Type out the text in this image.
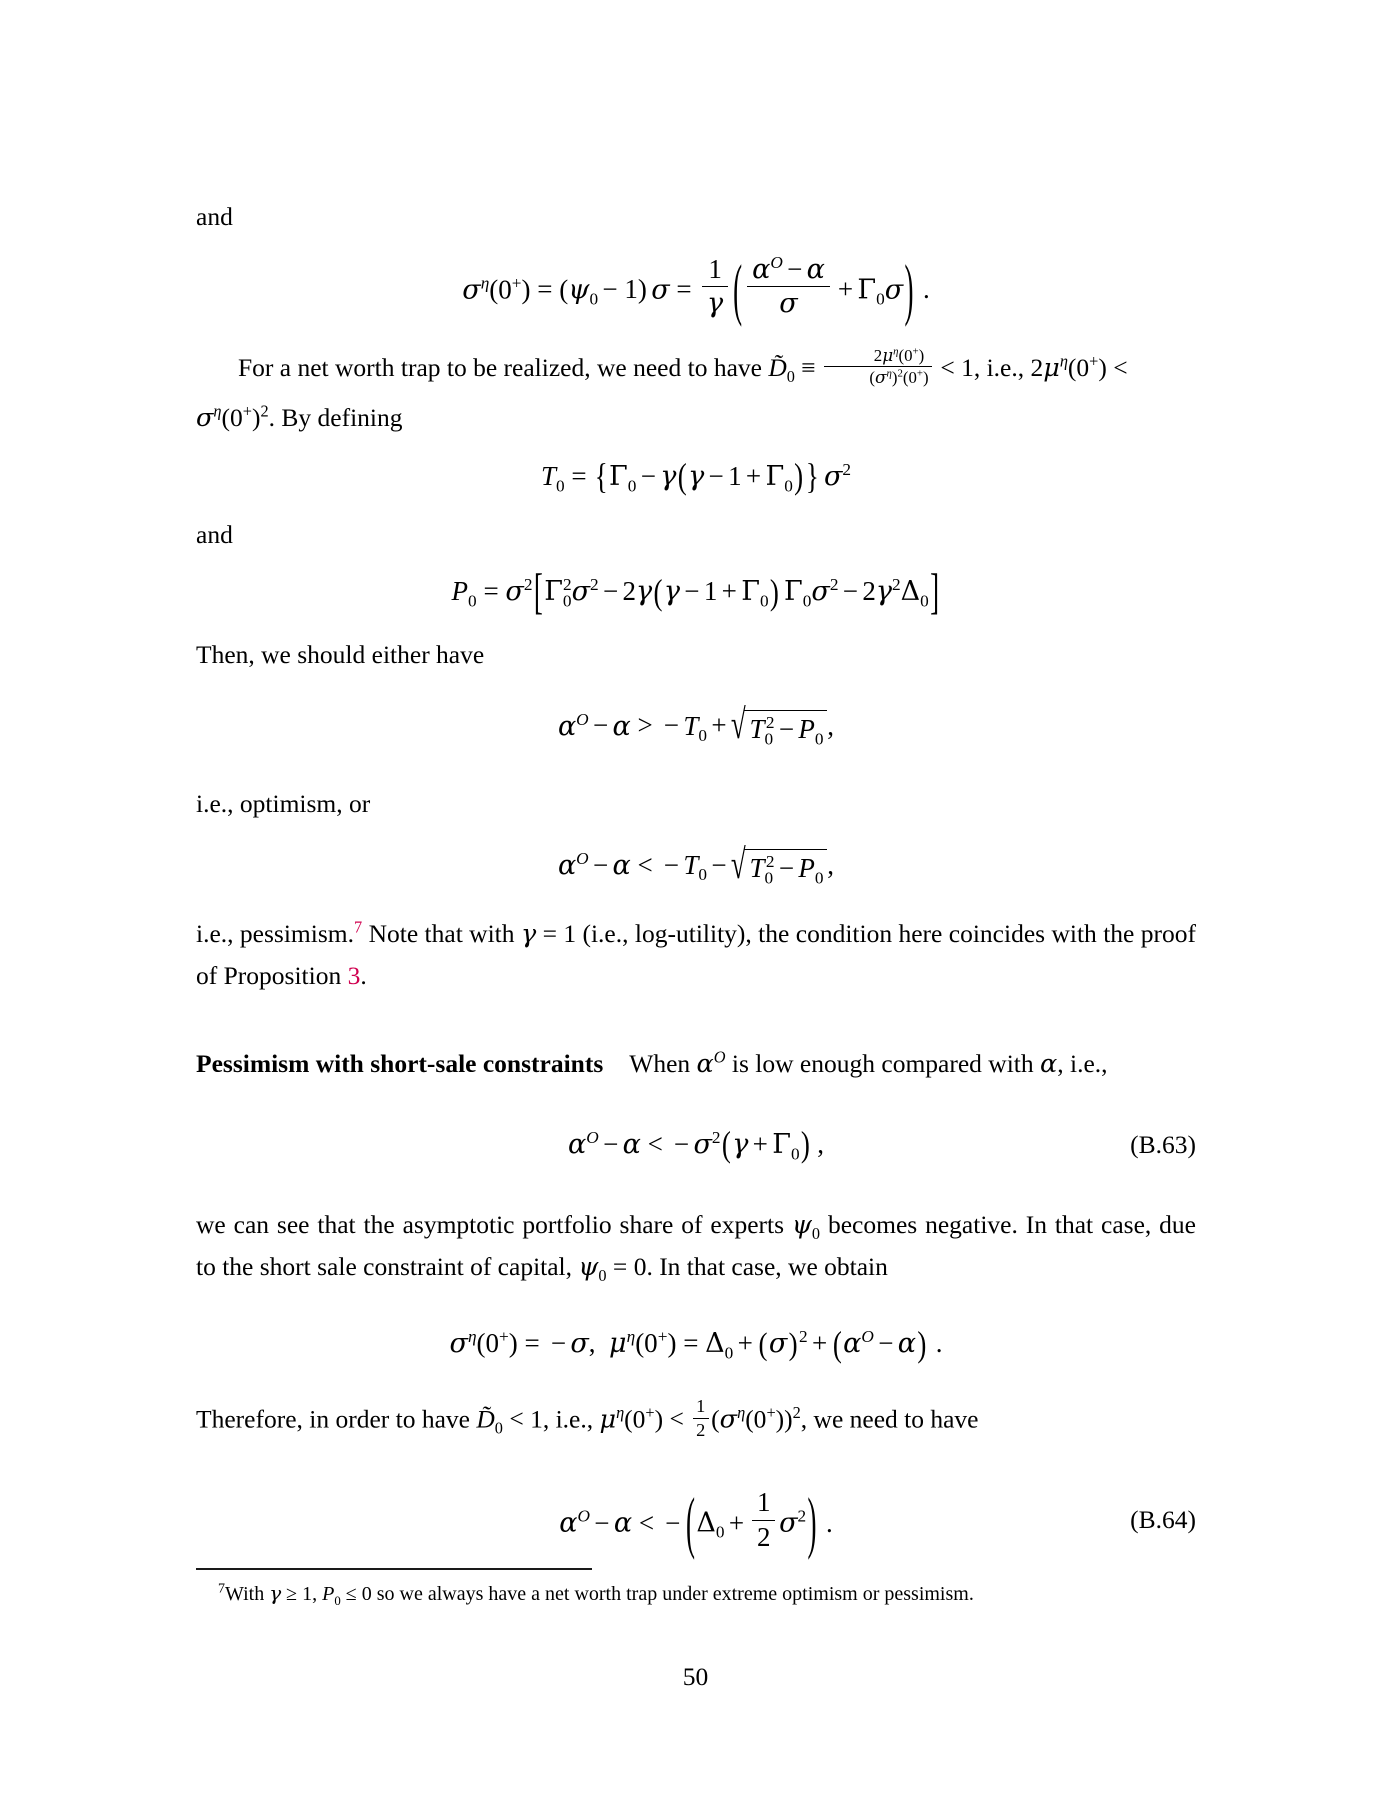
and

$\sigma^\eta(0^+) = (\psi_0 - 1) \sigma = \frac{1}{\gamma}$ ( $\frac{\alpha^O - \alpha}{\sigma} + \Gamma_0\sigma$) .

For a net worth trap to be realized, we need to have $D̃_0 \equiv \frac{2\mu^\eta(0^+)}{(\sigma^\eta)^2(0^+)} < 1$, i.e., $2\mu^\eta(0^+)$ <

$\sigma^\eta(0^+)^2$. By defining

$T_0 = \{\Gamma_0 - \gamma(\gamma - 1 + \Gamma_0)\}$ $\sigma^2$

and

$P_0 = \sigma^2[\Gamma_0^2\sigma^2 - 2\gamma(\gamma - 1 + \Gamma_0) \Gamma_0\sigma^2 - 2\gamma^2\Delta_0]$

Then, we should either have

$\alpha^O - \alpha$ > − $T_0$ + √ $T_0^2 - P_0$ ,

i.e., optimism, or

$\alpha^O - \alpha$ < − $T_0$ − √ $T_0^2 - P_0$ ,

i.e., pessimism.$^7$ Note that with γ = 1 (i.e., log-utility), the condition here coincides with the proof of Proposition 3.

Pessimism with short-sale constraints When $\alpha^O$ is low enough compared with α, i.e.,

$\alpha^O - \alpha$ < − $\sigma^2(\gamma + \Gamma_0)$ ,	(B.63)

we can see that the asymptotic portfolio share of experts $\psi_0$ becomes negative. In that case, due to the short sale constraint of capital, $\psi_0 = 0$. In that case, we obtain

$\sigma^\eta(0^+)$ = − σ, $\mu^\eta(0^+) = \Delta_0 + (\sigma)^2 + (\alpha^O - \alpha)$ .

Therefore, in order to have $D̃_0 < 1$, i.e., $\mu^\eta(0^+) < \frac{1}{2} (\sigma^\eta(0^+))^2$, we need to have

$\alpha^O - \alpha$ < − $(\Delta_0 + \frac{1}{2} \sigma^2)$ .	(B.64)
$^7$With γ ≥ 1, $P_0 \le 0$ so we always have a net worth trap under extreme optimism or pessimism.
50
